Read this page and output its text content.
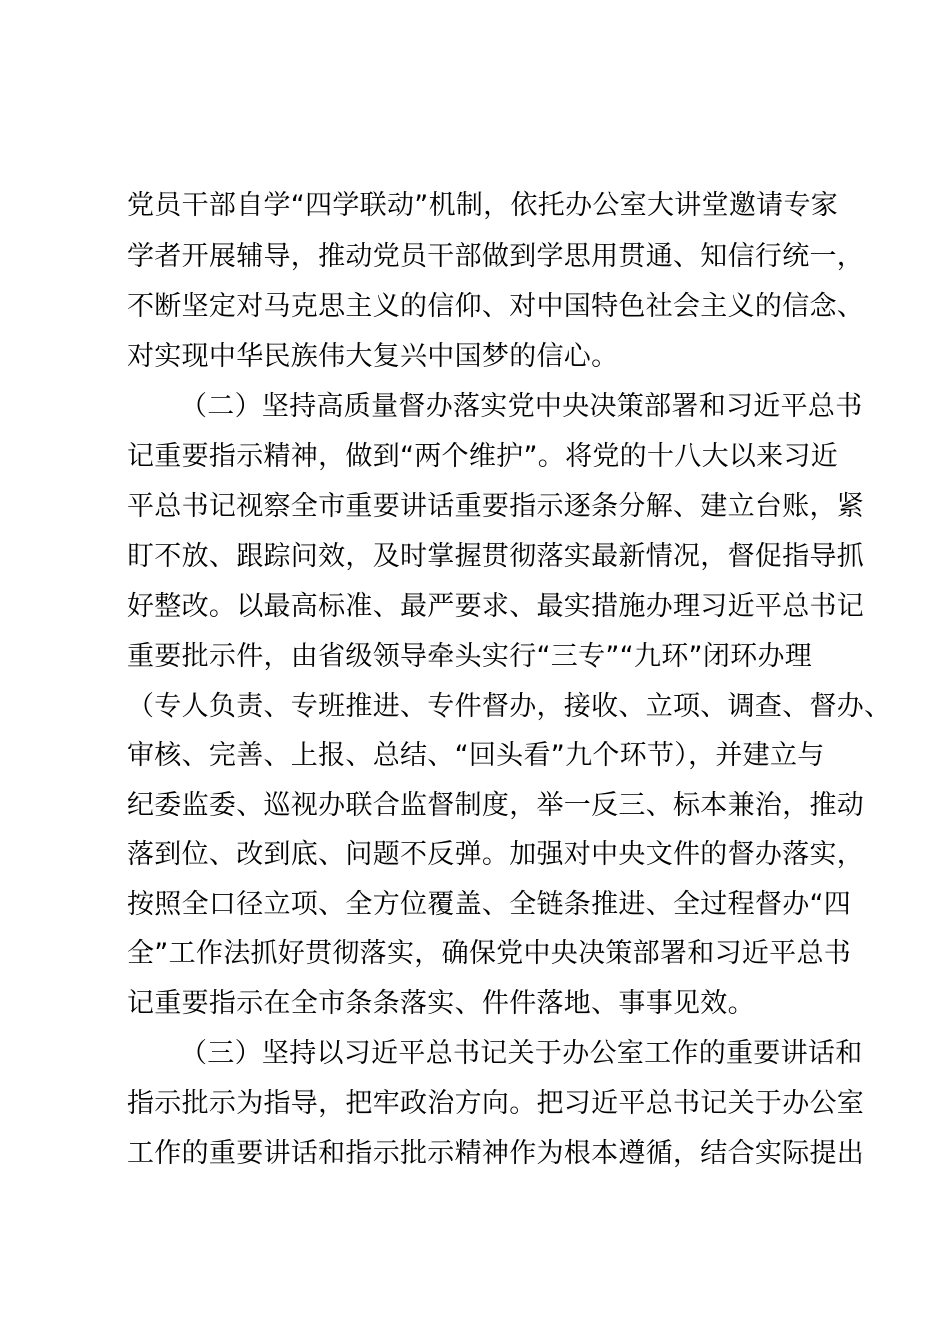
党员干部自学“四学联动”机制，依托办公室大讲堂邀请专家

学者开展辅导，推动党员干部做到学思用贯通、知信行统一，

不断坚定对马克思主义的信仰、对中国特色社会主义的信念、

对实现中华民族伟大复兴中国梦的信心。

（二）坚持高质量督办落实党中央决策部署和习近平总书

记重要指示精神，做到“两个维护”。将党的十八大以来习近

平总书记视察全市重要讲话重要指示逐条分解、建立台账，紧

盯不放、跟踪问效，及时掌握贯彻落实最新情况，督促指导抓

好整改。以最高标准、最严要求、最实措施办理习近平总书记

重要批示件，由省级领导牵头实行“三专”“九环”闭环办理

（专人负责、专班推进、专件督办，接收、立项、调查、督办、

审核、完善、上报、总结、“回头看”九个环节），并建立与

纪委监委、巡视办联合监督制度，举一反三、标本兼治，推动

落到位、改到底、问题不反弹。加强对中央文件的督办落实，

按照全口径立项、全方位覆盖、全链条推进、全过程督办“四

全”工作法抓好贯彻落实，确保党中央决策部署和习近平总书

记重要指示在全市条条落实、件件落地、事事见效。

（三）坚持以习近平总书记关于办公室工作的重要讲话和

指示批示为指导，把牢政治方向。把习近平总书记关于办公室

工作的重要讲话和指示批示精神作为根本遵循，结合实际提出
